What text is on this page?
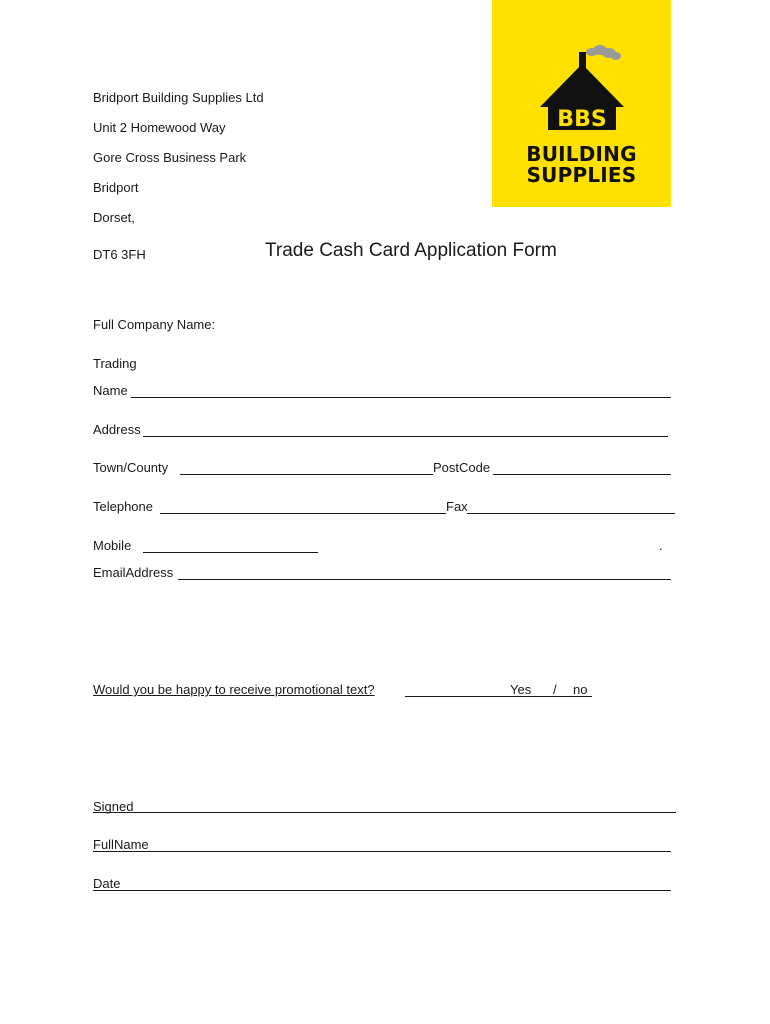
Bridport Building Supplies Ltd
Unit 2 Homewood Way
Gore Cross Business Park
Bridport
Dorset,
DT6 3FH
BBS
BUILDING
SUPPLIES
Trade Cash Card Application Form
Full Company Name:
Trading
Name
Address
Town/County	PostCode
Telephone	Fax
Mobile	.
EmailAddress
Would you be happy to receive promotional text?	Yes / no
Signed
FullName
Date
